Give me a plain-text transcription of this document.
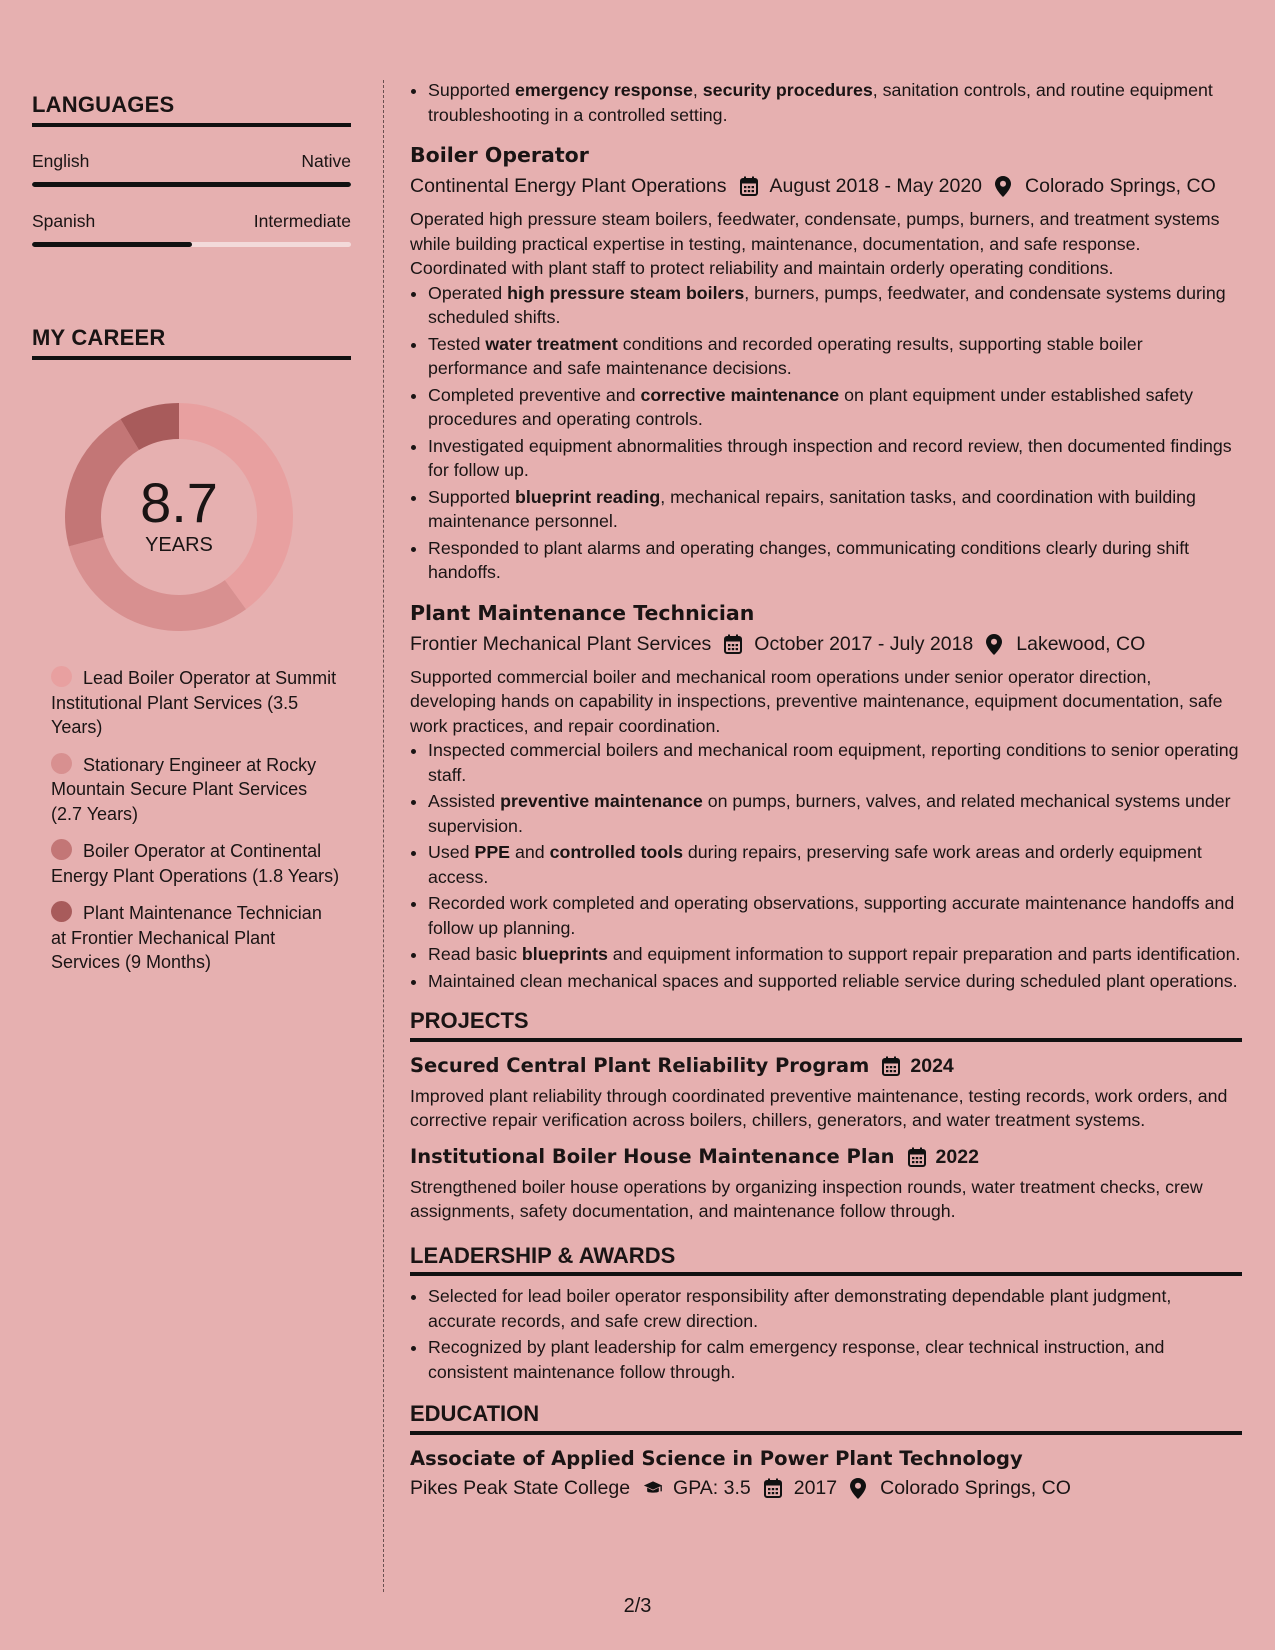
LANGUAGES
English	Native
Spanish	Intermediate
MY CAREER
8.7
YEARS
Lead Boiler Operator at Summit Institutional Plant Services (3.5 Years)
Stationary Engineer at Rocky Mountain Secure Plant Services (2.7 Years)
Boiler Operator at Continental Energy Plant Operations (1.8 Years)
Plant Maintenance Technician at Frontier Mechanical Plant Services (9 Months)
• Supported emergency response, security procedures, sanitation controls, and routine equipment troubleshooting in a controlled setting.
Boiler Operator
Continental Energy Plant Operations August 2018 - May 2020 Colorado Springs, CO
Operated high pressure steam boilers, feedwater, condensate, pumps, burners, and treatment systems while building practical expertise in testing, maintenance, documentation, and safe response. Coordinated with plant staff to protect reliability and maintain orderly operating conditions.
• Operated high pressure steam boilers, burners, pumps, feedwater, and condensate systems during scheduled shifts.
• Tested water treatment conditions and recorded operating results, supporting stable boiler performance and safe maintenance decisions.
• Completed preventive and corrective maintenance on plant equipment under established safety procedures and operating controls.
• Investigated equipment abnormalities through inspection and record review, then documented findings for follow up.
• Supported blueprint reading, mechanical repairs, sanitation tasks, and coordination with building maintenance personnel.
• Responded to plant alarms and operating changes, communicating conditions clearly during shift handoffs.
Plant Maintenance Technician
Frontier Mechanical Plant Services October 2017 - July 2018 Lakewood, CO
Supported commercial boiler and mechanical room operations under senior operator direction, developing hands on capability in inspections, preventive maintenance, equipment documentation, safe work practices, and repair coordination.
• Inspected commercial boilers and mechanical room equipment, reporting conditions to senior operating staff.
• Assisted preventive maintenance on pumps, burners, valves, and related mechanical systems under supervision.
• Used PPE and controlled tools during repairs, preserving safe work areas and orderly equipment access.
• Recorded work completed and operating observations, supporting accurate maintenance handoffs and follow up planning.
• Read basic blueprints and equipment information to support repair preparation and parts identification.
• Maintained clean mechanical spaces and supported reliable service during scheduled plant operations.
PROJECTS
Secured Central Plant Reliability Program 2024
Improved plant reliability through coordinated preventive maintenance, testing records, work orders, and corrective repair verification across boilers, chillers, generators, and water treatment systems.
Institutional Boiler House Maintenance Plan 2022
Strengthened boiler house operations by organizing inspection rounds, water treatment checks, crew assignments, safety documentation, and maintenance follow through.
LEADERSHIP & AWARDS
• Selected for lead boiler operator responsibility after demonstrating dependable plant judgment, accurate records, and safe crew direction.
• Recognized by plant leadership for calm emergency response, clear technical instruction, and consistent maintenance follow through.
EDUCATION
Associate of Applied Science in Power Plant Technology
Pikes Peak State College GPA: 3.5 2017 Colorado Springs, CO
2/3
